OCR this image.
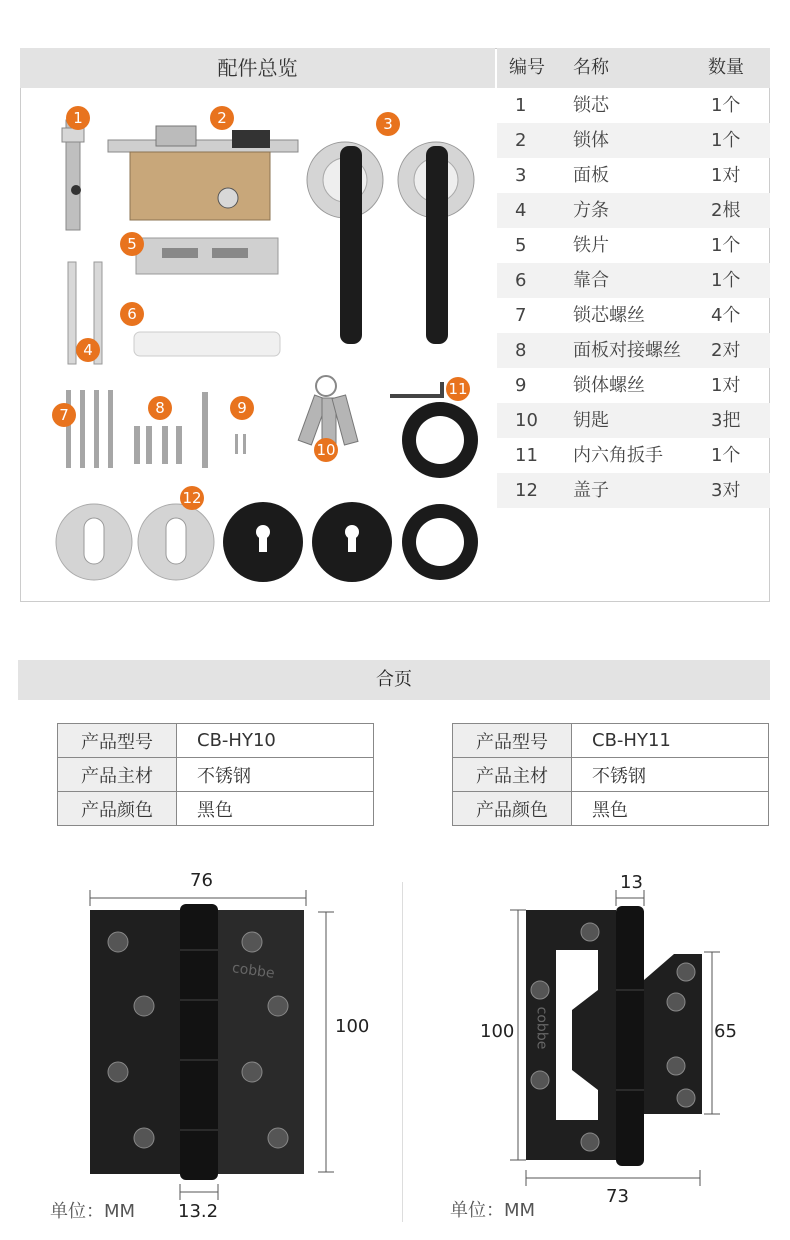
配件总览	编号 名称	数量
1	锁芯	1个
2	锁体	1个
3	面板	1对
4	方条	2根
5	铁片	1个
6	靠合	1个
7	锁芯螺丝	4个
8	面板对接螺丝 2对
9	锁体螺丝	1对
10 钥匙	3把
11 内六角扳手	1个
12 盖子	3对
1	2	3
4
5
6
7	8	9
10
11
12
合页
产品型号	CB-HY10
产品主材	不锈钢
产品颜色	黑色
产品型号	CB-HY11
产品主材	不锈钢
产品颜色	黑色
76
100
13.2
cobbe
单位：MM
13
100	65
73
cobbe
单位：MM
